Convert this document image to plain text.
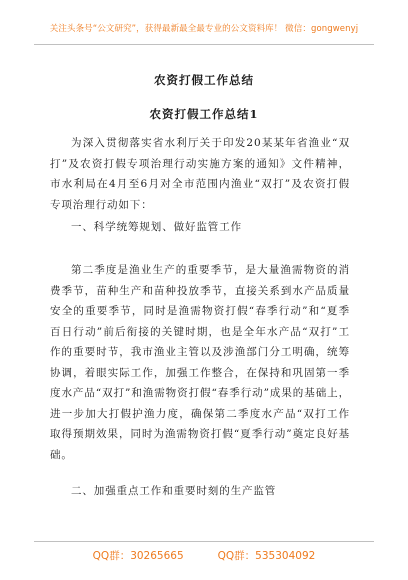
关注头条号“公文研究”，获得最新最全最专业的公文资料库！ 微信：gongwenyj
农资打假工作总结
农资打假工作总结1
为深入贯彻落实省水利厅关于印发20某某年省渔业“双打”及农资打假专项治理行动实施方案的通知》文件精神，市水利局在4月至6月对全市范围内渔业“双打”及农资打假专项治理行动如下：
一、科学统筹规划、做好监管工作
第二季度是渔业生产的重要季节，是大量渔需物资的消费季节，苗种生产和苗种投放季节，直接关系到水产品质量安全的重要季节，同时是渔需物资打假“春季行动”和“夏季百日行动”前后衔接的关键时期，也是全年水产品“双打”工作的重要时节，我市渔业主管以及涉渔部门分工明确，统筹协调，着眼实际工作，加强工作整合，在保持和巩固第一季度水产品“双打”和渔需物资打假“春季行动”成果的基础上，进一步加大打假护渔力度，确保第二季度水产品“双打工作取得预期效果，同时为渔需物资打假“夏季行动”奠定良好基础。
二、加强重点工作和重要时刻的生产监管
QQ群：30265665	QQ群：535304092
